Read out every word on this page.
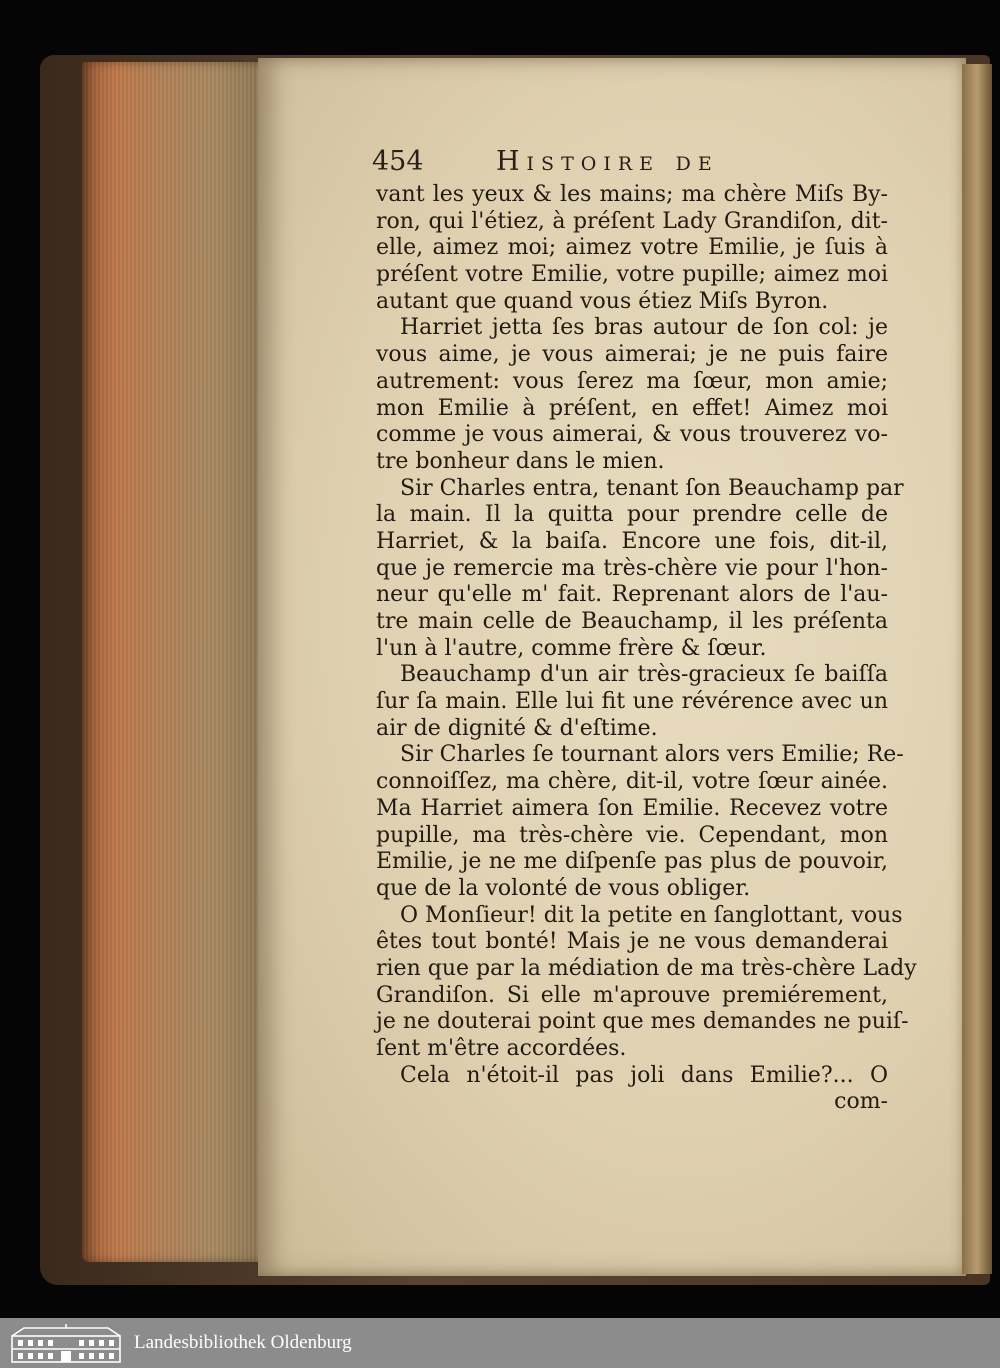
454	Histoire de
vant les yeux & les mains; ma chère Miſs By-
ron, qui l'étiez, à préſent Lady Grandiſon, dit-
elle, aimez moi; aimez votre Emilie, je ſuis à
préſent votre Emilie, votre pupille; aimez moi
autant que quand vous étiez Miſs Byron.
Harriet jetta ſes bras autour de ſon col: je
vous aime, je vous aimerai; je ne puis faire
autrement: vous ſerez ma ſœur, mon amie;
mon Emilie à préſent, en effet! Aimez moi
comme je vous aimerai, & vous trouverez vo-
tre bonheur dans le mien.
Sir Charles entra, tenant ſon Beauchamp par
la main. Il la quitta pour prendre celle de
Harriet, & la baiſa. Encore une fois, dit-il,
que je remercie ma très-chère vie pour l'hon-
neur qu'elle m' fait. Reprenant alors de l'au-
tre main celle de Beauchamp, il les préſenta
l'un à l'autre, comme frère & ſœur.
Beauchamp d'un air très-gracieux ſe baiſſa
ſur ſa main. Elle lui fit une révérence avec un
air de dignité & d'eſtime.
Sir Charles ſe tournant alors vers Emilie; Re-
connoiſſez, ma chère, dit-il, votre ſœur ainée.
Ma Harriet aimera ſon Emilie. Recevez votre
pupille, ma très-chère vie. Cependant, mon
Emilie, je ne me diſpenſe pas plus de pouvoir,
que de la volonté de vous obliger.
O Monſieur! dit la petite en ſanglottant, vous
êtes tout bonté! Mais je ne vous demanderai
rien que par la médiation de ma très-chère Lady
Grandiſon. Si elle m'aprouve premiérement,
je ne douterai point que mes demandes ne puiſ-
ſent m'être accordées.
Cela n'étoit-il pas joli dans Emilie?... O
com-
Landesbibliothek Oldenburg
